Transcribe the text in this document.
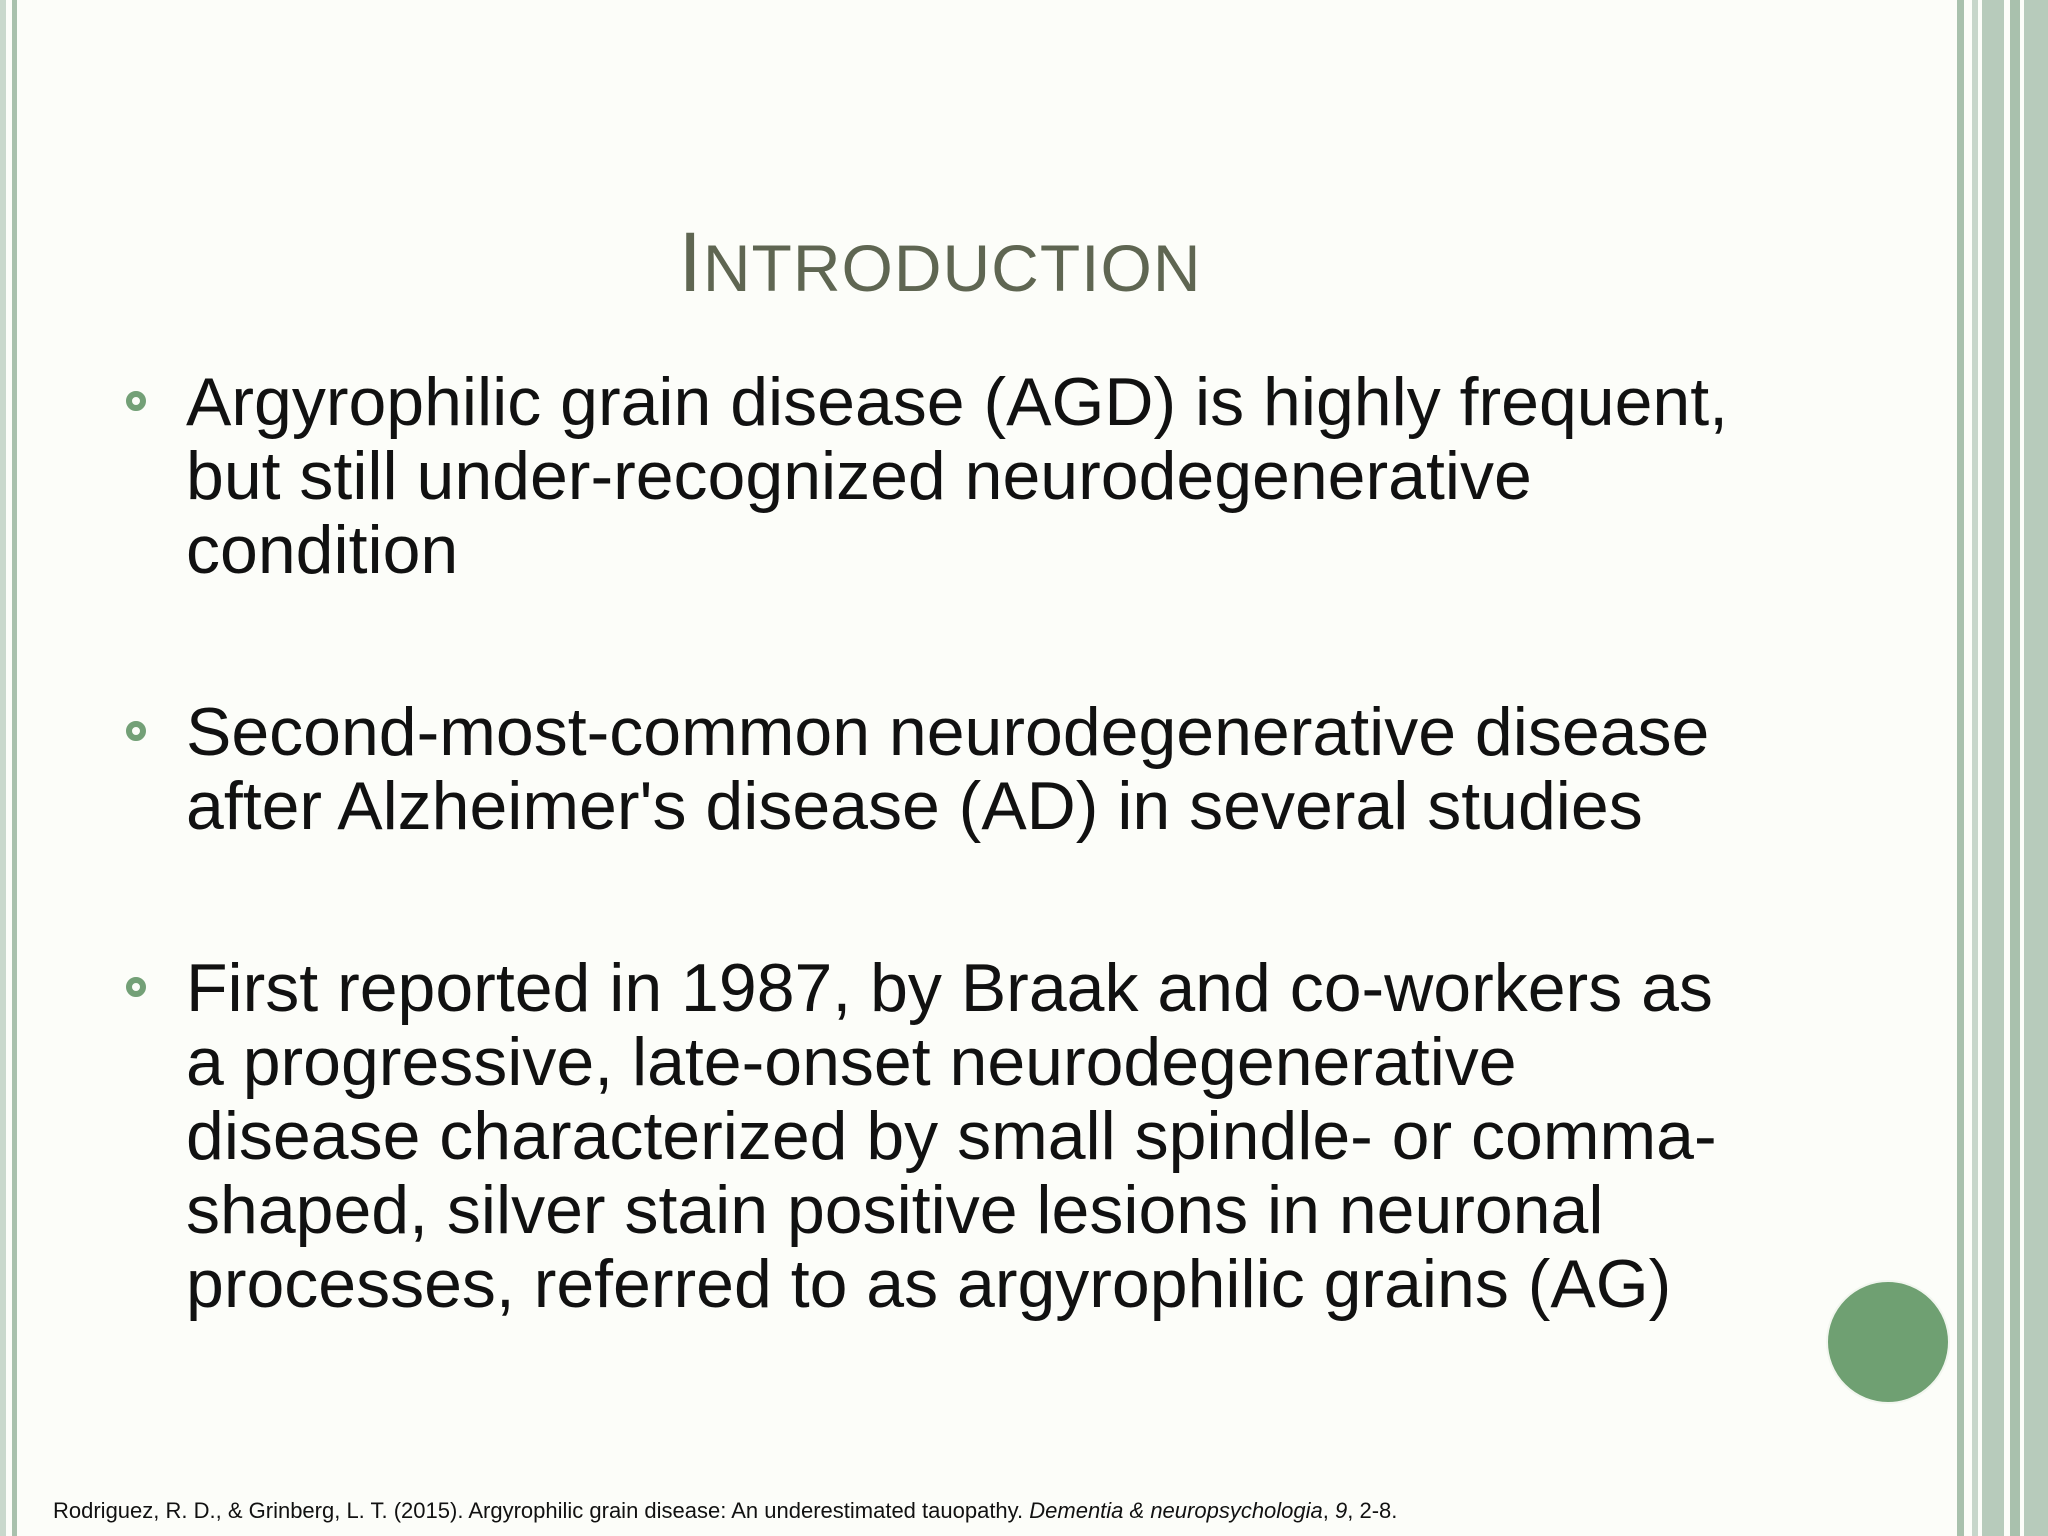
INTRODUCTION
Argyrophilic grain disease (AGD) is highly frequent, but still under-recognized neurodegenerative condition
Second-most-common neurodegenerative disease after Alzheimer's disease (AD) in several studies
First reported in 1987, by Braak and co-workers as a progressive, late-onset neurodegenerative disease characterized by small spindle- or comma-shaped, silver stain positive lesions in neuronal processes, referred to as argyrophilic grains (AG)
Rodriguez, R. D., & Grinberg, L. T. (2015). Argyrophilic grain disease: An underestimated tauopathy. Dementia & neuropsychologia, 9, 2-8.
